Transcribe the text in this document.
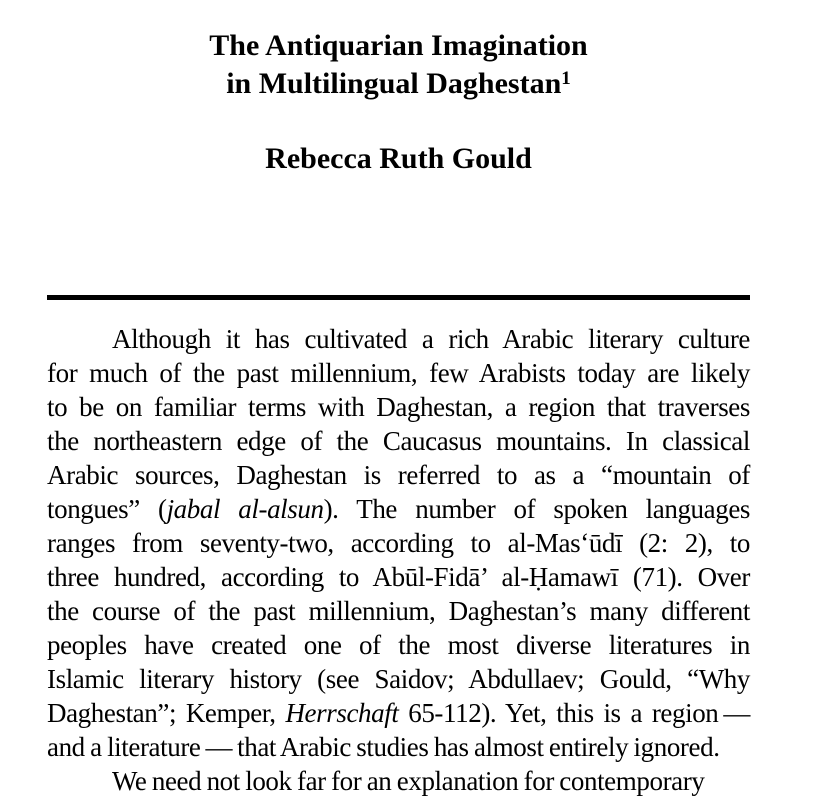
The Antiquarian Imagination
in Multilingual Daghestan$^1$
Rebecca Ruth Gould
Although it has cultivated a rich Arabic literary culture
for much of the past millennium, few Arabists today are likely
to be on familiar terms with Daghestan, a region that traverses
the northeastern edge of the Caucasus mountains. In classical
Arabic sources, Daghestan is referred to as a “mountain of
tongues” (jabal al-alsun). The number of spoken languages
ranges from seventy-two, according to al-Mas‘ūdī (2: 2), to
three hundred, according to Abūl-Fidā’ al-Ḥamawī (71). Over
the course of the past millennium, Daghestan’s many different
peoples have created one of the most diverse literatures in
Islamic literary history (see Saidov; Abdullaev; Gould, “Why
Daghestan”; Kemper, Herrschaft 65-112). Yet, this is a region —
and a literature — that Arabic studies has almost entirely ignored.
We need not look far for an explanation for contemporary
